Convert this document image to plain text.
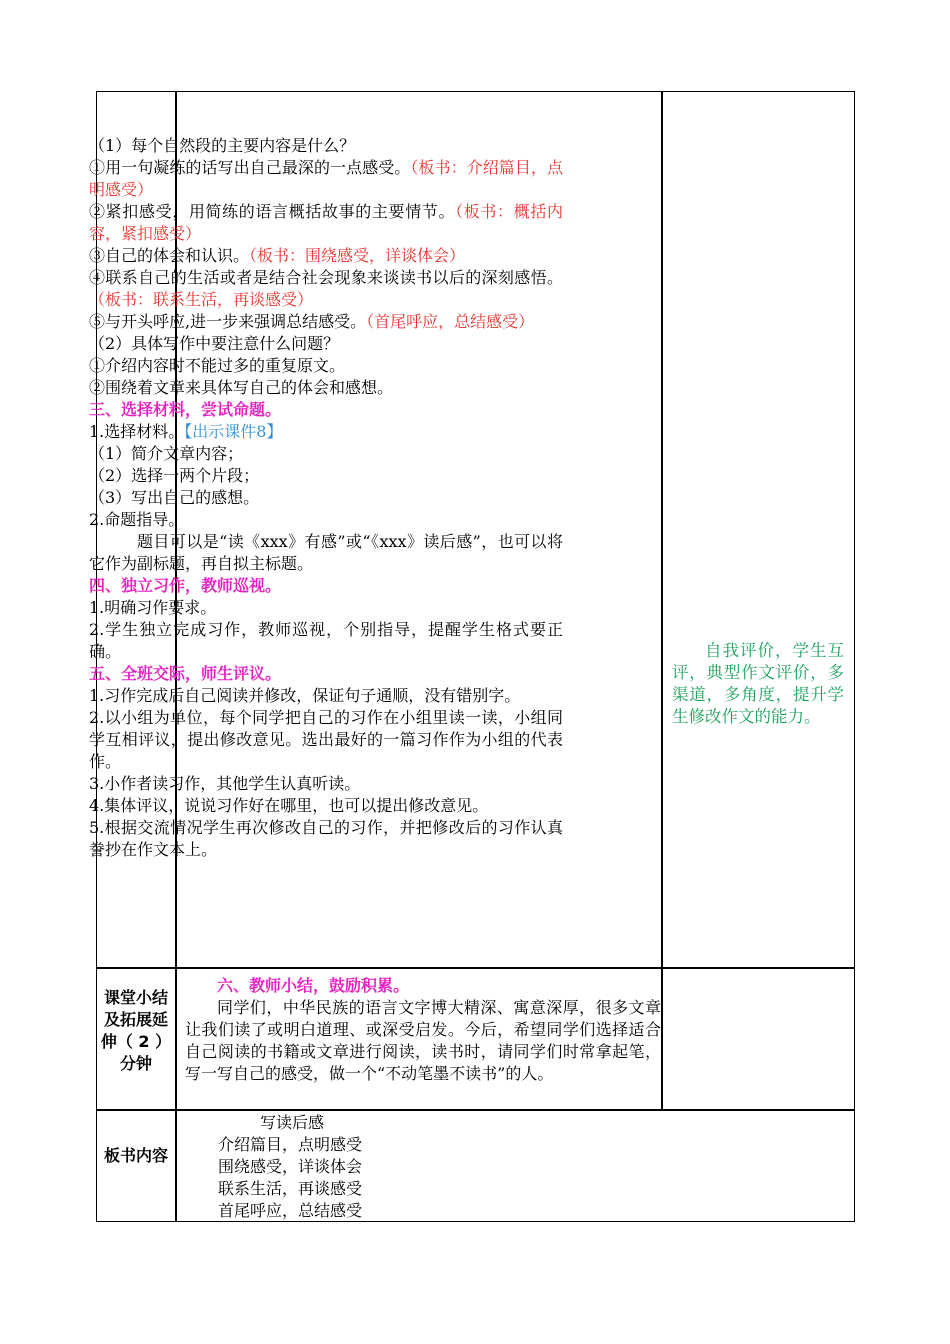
（1）每个自然段的主要内容是什么？

①用一句凝练的话写出自己最深的一点感受。（板书：介绍篇目，点明感受）

②紧扣感受，用简练的语言概括故事的主要情节。（板书：概括内容，紧扣感受）

③自己的体会和认识。（板书：围绕感受，详谈体会）

④联系自己的生活或者是结合社会现象来谈读书以后的深刻感悟。（板书：联系生活，再谈感受）

⑤与开头呼应,进一步来强调总结感受。（首尾呼应，总结感受）

（2）具体写作中要注意什么问题？

①介绍内容时不能过多的重复原文。

②围绕着文章来具体写自己的体会和感想。

三、选择材料，尝试命题。

1.选择材料。【出示课件8】

（1）简介文章内容；

（2）选择一两个片段；

（3）写出自己的感想。

2.命题指导。

题目可以是“读《xxx》有感”或“《xxx》读后感”，也可以将它作为副标题，再自拟主标题。

四、独立习作，教师巡视。

1.明确习作要求。

2.学生独立完成习作，教师巡视，个别指导，提醒学生格式要正确。

五、全班交际，师生评议。

1.习作完成后自己阅读并修改，保证句子通顺，没有错别字。

2.以小组为单位，每个同学把自己的习作在小组里读一读，小组同学互相评议，提出修改意见。选出最好的一篇习作作为小组的代表作。

3.小作者读习作，其他学生认真听读。

4.集体评议，说说习作好在哪里，也可以提出修改意见。

5.根据交流情况学生再次修改自己的习作，并把修改后的习作认真誊抄在作文本上。

自我评价，学生互评，典型作文评价，多渠道，多角度，提升学生修改作文的能力。
课堂小结及拓展延伸（ 2 ）分钟

六、教师小结，鼓励积累。

同学们，中华民族的语言文字博大精深、寓意深厚，很多文章让我们读了或明白道理、或深受启发。今后，希望同学们选择适合自己阅读的书籍或文章进行阅读，读书时，请同学们时常拿起笔，写一写自己的感受，做一个“不动笔墨不读书”的人。

板书内容

写读后感

介绍篇目，点明感受

围绕感受，详谈体会

联系生活，再谈感受

首尾呼应，总结感受
